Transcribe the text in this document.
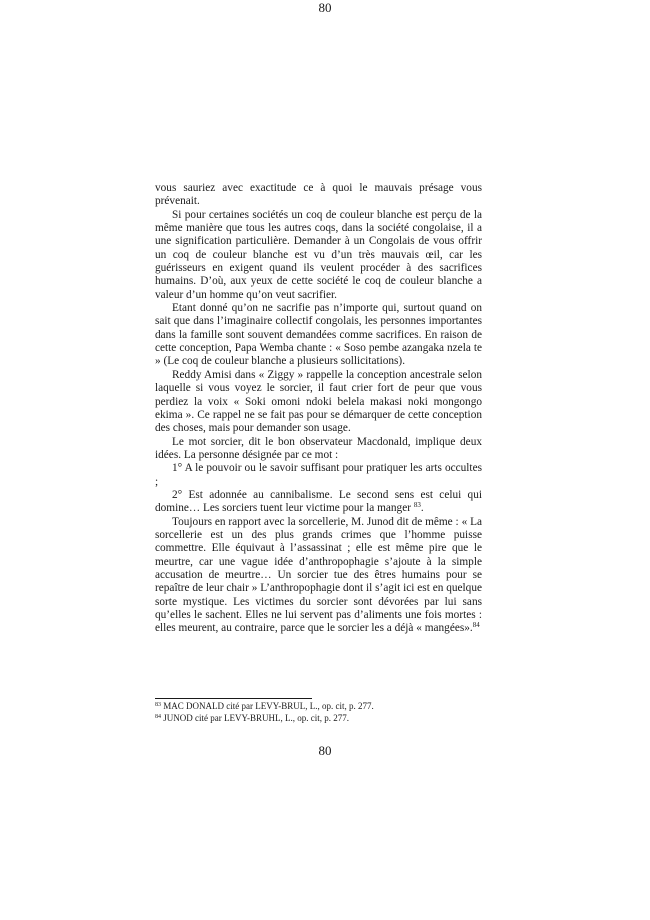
80

vous sauriez avec exactitude ce à quoi le mauvais présage vous prévenait.

Si pour certaines sociétés un coq de couleur blanche est perçu de la même manière que tous les autres coqs, dans la société congolaise, il a une signification particulière. Demander à un Congolais de vous offrir un coq de couleur blanche est vu d’un très mauvais œil, car les guérisseurs en exigent quand ils veulent procéder à des sacrifices humains. D’où, aux yeux de cette société le coq de couleur blanche a valeur d’un homme qu’on veut sacrifier.

Etant donné qu’on ne sacrifie pas n’importe qui, surtout quand on sait que dans l’imaginaire collectif congolais, les personnes importantes dans la famille sont souvent demandées comme sacrifices. En raison de cette conception, Papa Wemba chante : « Soso pembe azangaka nzela te » (Le coq de couleur blanche a plusieurs sollicitations).

Reddy Amisi dans « Ziggy » rappelle la conception ancestrale selon laquelle si vous voyez le sorcier, il faut crier fort de peur que vous perdiez la voix « Soki omoni ndoki belela makasi noki mongongo ekima ». Ce rappel ne se fait pas pour se démarquer de cette conception des choses, mais pour demander son usage.

Le mot sorcier, dit le bon observateur Macdonald, implique deux idées. La personne désignée par ce mot :

1° A le pouvoir ou le savoir suffisant pour pratiquer les arts occultes ;

2° Est adonnée au cannibalisme. Le second sens est celui qui domine… Les sorciers tuent leur victime pour la manger $^{83}$.

Toujours en rapport avec la sorcellerie, M. Junod dit de même : « La sorcellerie est un des plus grands crimes que l’homme puisse commettre. Elle équivaut à l’assassinat ; elle est même pire que le meurtre, car une vague idée d’anthropophagie s’ajoute à la simple accusation de meurtre… Un sorcier tue des êtres humains pour se repaître de leur chair » L’anthropophagie dont il s’agit ici est en quelque sorte mystique. Les victimes du sorcier sont dévorées par lui sans qu’elles le sachent. Elles ne lui servent pas d’aliments une fois mortes : elles meurent, au contraire, parce que le sorcier les a déjà « mangées».$^{84}$

$^{83}$ MAC DONALD cité par LEVY-BRUL, L., op. cit, p. 277.

$^{84}$ JUNOD cité par LEVY-BRUHL, L., op. cit, p. 277.

80
